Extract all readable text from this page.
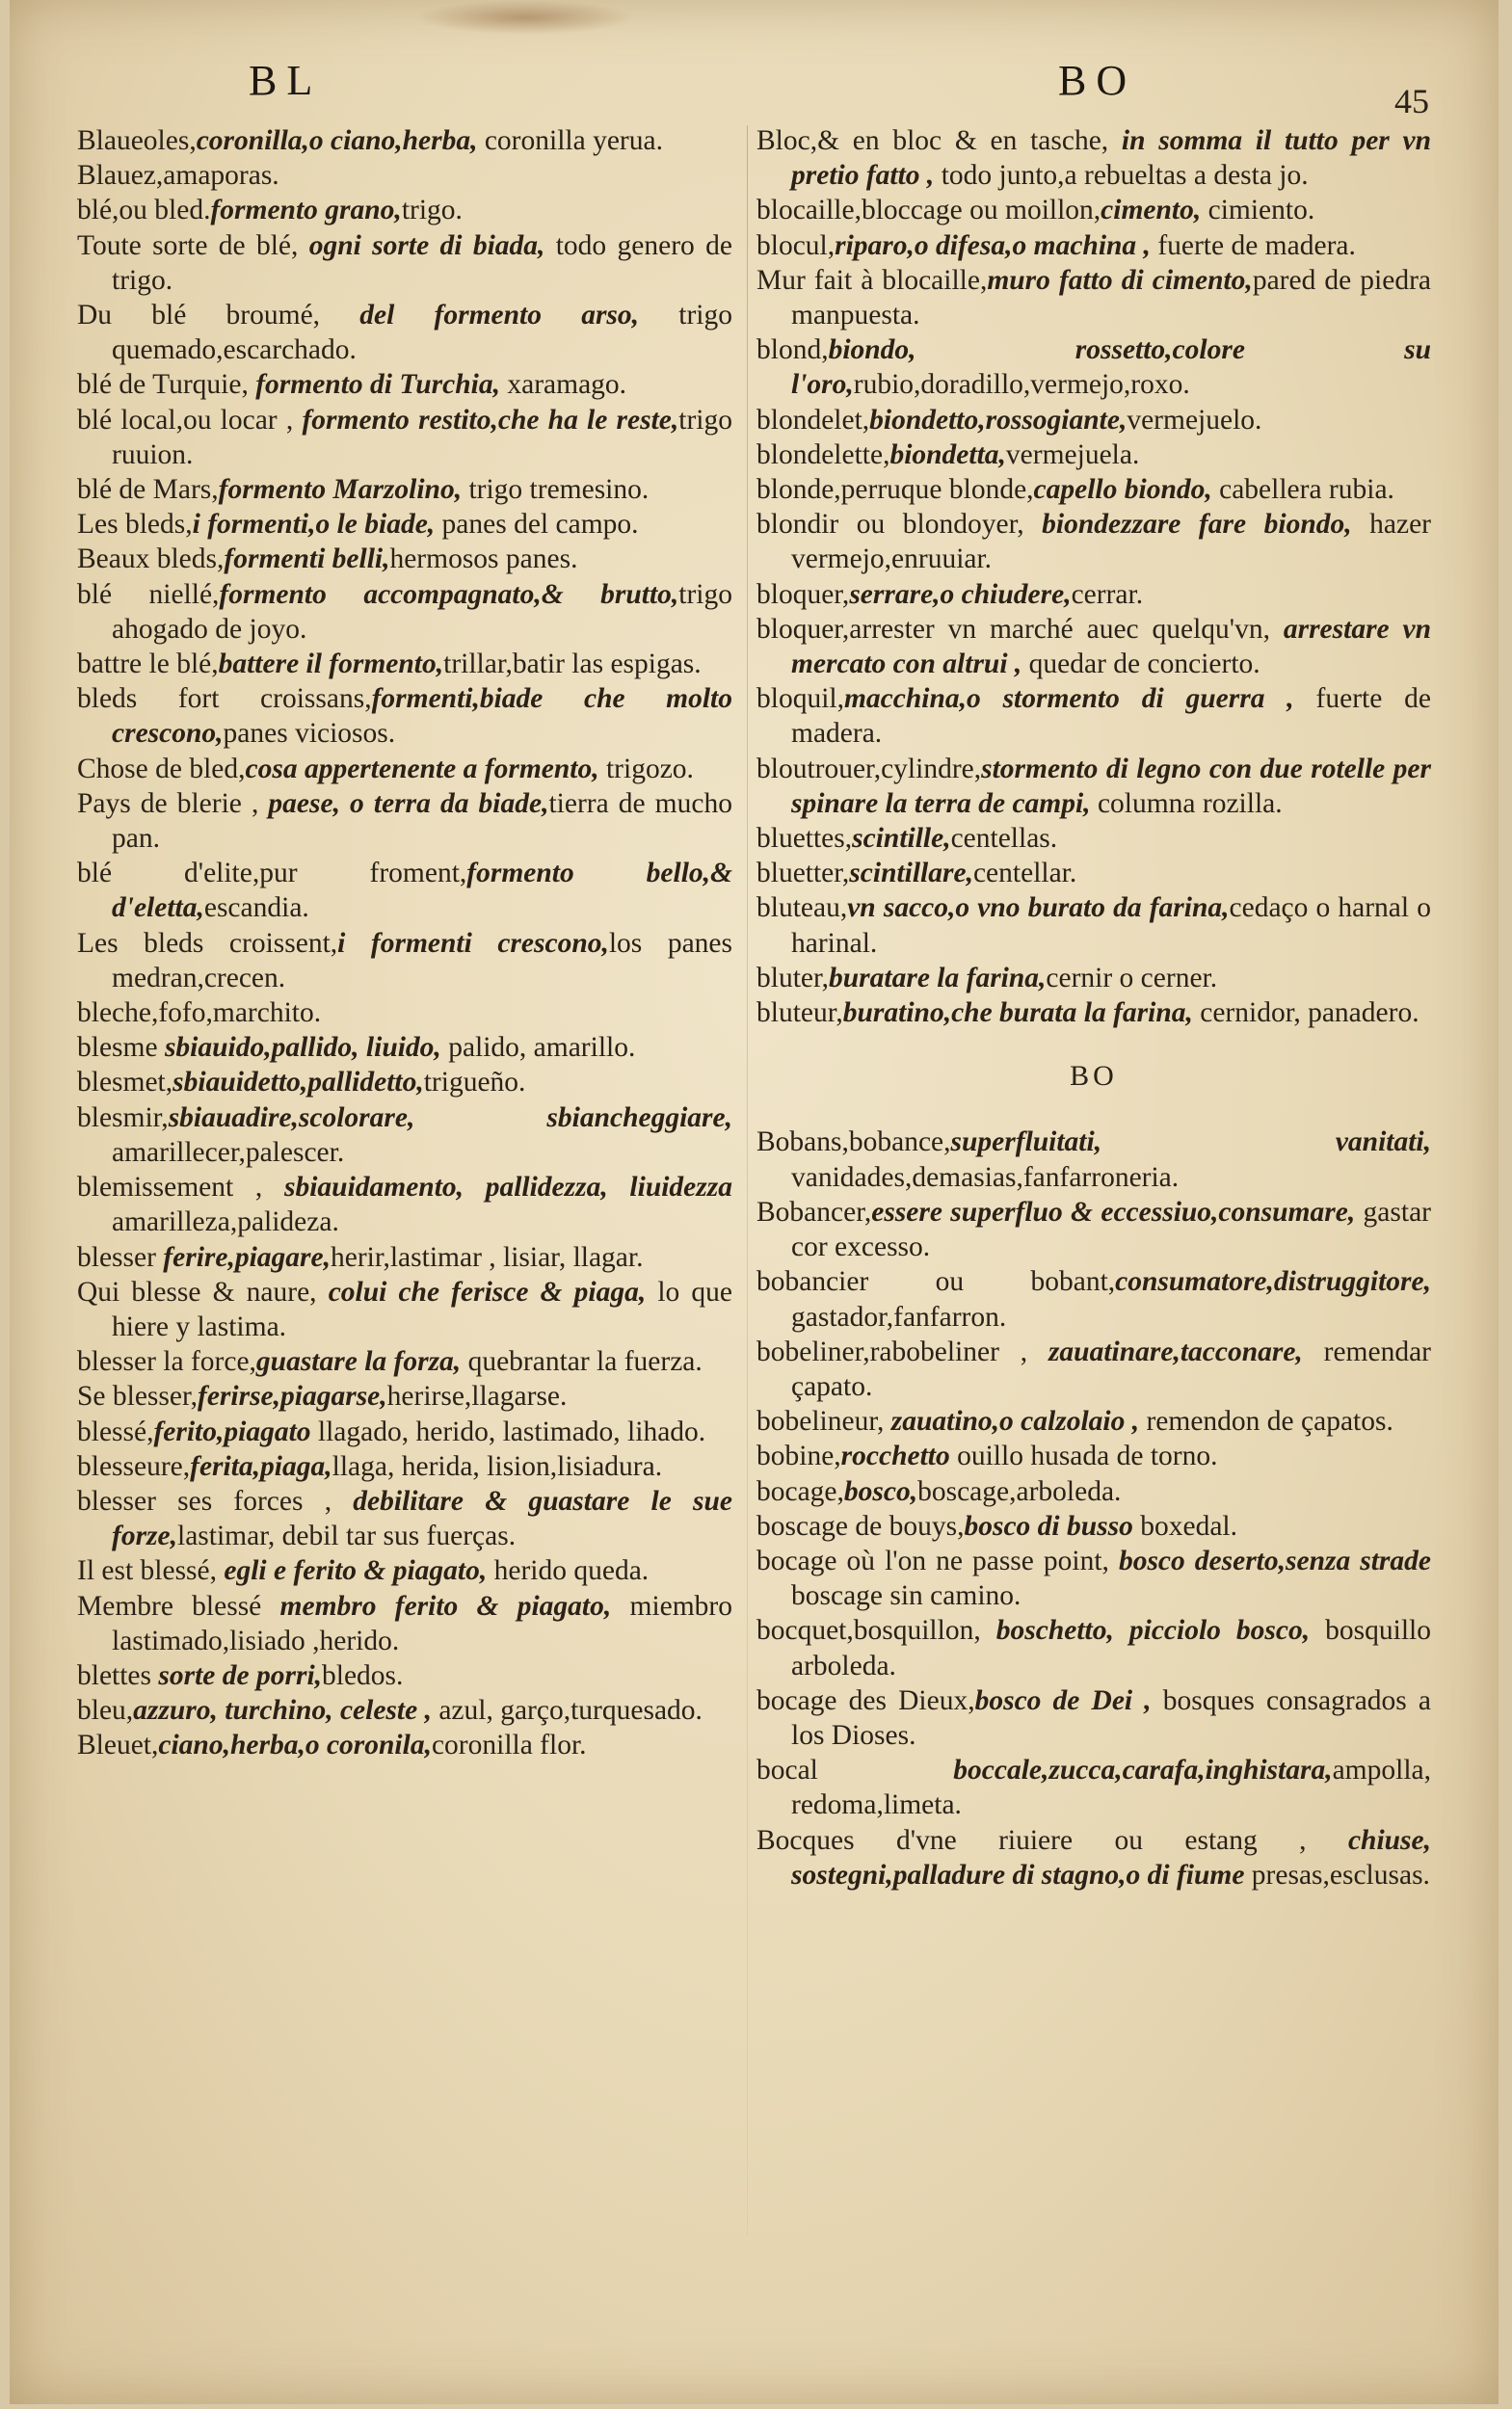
BL	BO	45

Blaueoles,coronilla,o ciano,herba, coronilla yerua.

Blauez,amaporas.

blé,ou bled.formento grano,trigo.

Toute sorte de blé, ogni sorte di biada, todo genero de trigo.

Du blé broumé, del formento arso, trigo quemado,escarchado.

blé de Turquie, formento di Turchia, xaramago.

blé local,ou locar , formento restito,che ha le reste,trigo ruuion.

blé de Mars,formento Marzolino, trigo tremesino.

Les bleds,i formenti,o le biade, panes del campo.

Beaux bleds,formenti belli,hermosos panes.

blé niellé,formento accompagnato,& brutto,trigo ahogado de joyo.

battre le blé,battere il formento,trillar,batir las espigas.

bleds fort croissans,formenti,biade che molto crescono,panes viciosos.

Chose de bled,cosa appertenente a formento, trigozo.

Pays de blerie , paese, o terra da biade,tierra de mucho pan.

blé d'elite,pur froment,formento bello,& d'eletta,escandia.

Les bleds croissent,i formenti crescono,los panes medran,crecen.

bleche,fofo,marchito.

blesme sbiauido,pallido, liuido, palido, amarillo.

blesmet,sbiauidetto,pallidetto,trigueño.

blesmir,sbiauadire,scolorare, sbiancheggiare, amarillecer,palescer.

blemissement , sbiauidamento, pallidezza, liuidezza amarilleza,palideza.

blesser ferire,piagare,herir,lastimar , lisiar, llagar.

Qui blesse & naure, colui che ferisce & piaga, lo que hiere y lastima.

blesser la force,guastare la forza, quebrantar la fuerza.

Se blesser,ferirse,piagarse,herirse,llagarse.

blessé,ferito,piagato llagado, herido, lastimado, lihado.

blesseure,ferita,piaga,llaga, herida, lision,lisiadura.

blesser ses forces , debilitare & guastare le sue forze,lastimar, debil tar sus fuerças.

Il est blessé, egli e ferito & piagato, herido queda.

Membre blessé membro ferito & piagato, miembro lastimado,lisiado ,herido.

blettes sorte de porri,bledos.

bleu,azzuro, turchino, celeste , azul, garço,turquesado.

Bleuet,ciano,herba,o coronila,coronilla flor.

Bloc,& en bloc & en tasche, in somma il tutto per vn pretio fatto , todo junto,a rebueltas a desta jo.

blocaille,bloccage ou moillon,cimento, cimiento.

blocul,riparo,o difesa,o machina , fuerte de madera.

Mur fait à blocaille,muro fatto di cimento,pared de piedra manpuesta.

blond,biondo, rossetto,colore su l'oro,rubio,doradillo,vermejo,roxo.

blondelet,biondetto,rossogiante,vermejuelo.

blondelette,biondetta,vermejuela.

blonde,perruque blonde,capello biondo, cabellera rubia.

blondir ou blondoyer, biondezzare fare biondo, hazer vermejo,enruuiar.

bloquer,serrare,o chiudere,cerrar.

bloquer,arrester vn marché auec quelqu'vn, arrestare vn mercato con altrui , quedar de concierto.

bloquil,macchina,o stormento di guerra , fuerte de madera.

bloutrouer,cylindre,stormento di legno con due rotelle per spinare la terra de campi, columna rozilla.

bluettes,scintille,centellas.

bluetter,scintillare,centellar.

bluteau,vn sacco,o vno burato da farina,cedaço o harnal o harinal.

bluter,buratare la farina,cernir o cerner.

bluteur,buratino,che burata la farina, cernidor, panadero.

BO

Bobans,bobance,superfluitati, vanitati, vanidades,demasias,fanfarroneria.

Bobancer,essere superfluo & eccessiuo,consumare, gastar cor excesso.

bobancier ou bobant,consumatore,distruggitore, gastador,fanfarron.

bobeliner,rabobeliner , zauatinare,tacconare, remendar çapato.

bobelineur, zauatino,o calzolaio , remendon de çapatos.

bobine,rocchetto ouillo husada de torno.

bocage,bosco,boscage,arboleda.

boscage de bouys,bosco di busso boxedal.

bocage où l'on ne passe point, bosco deserto,senza strade boscage sin camino.

bocquet,bosquillon, boschetto, picciolo bosco, bosquillo arboleda.

bocage des Dieux,bosco de Dei , bosques consagrados a los Dioses.

bocal boccale,zucca,carafa,inghistara,ampolla, redoma,limeta.

Bocques d'vne riuiere ou estang , chiuse, sostegni,palladure di stagno,o di fiume presas,esclusas.
